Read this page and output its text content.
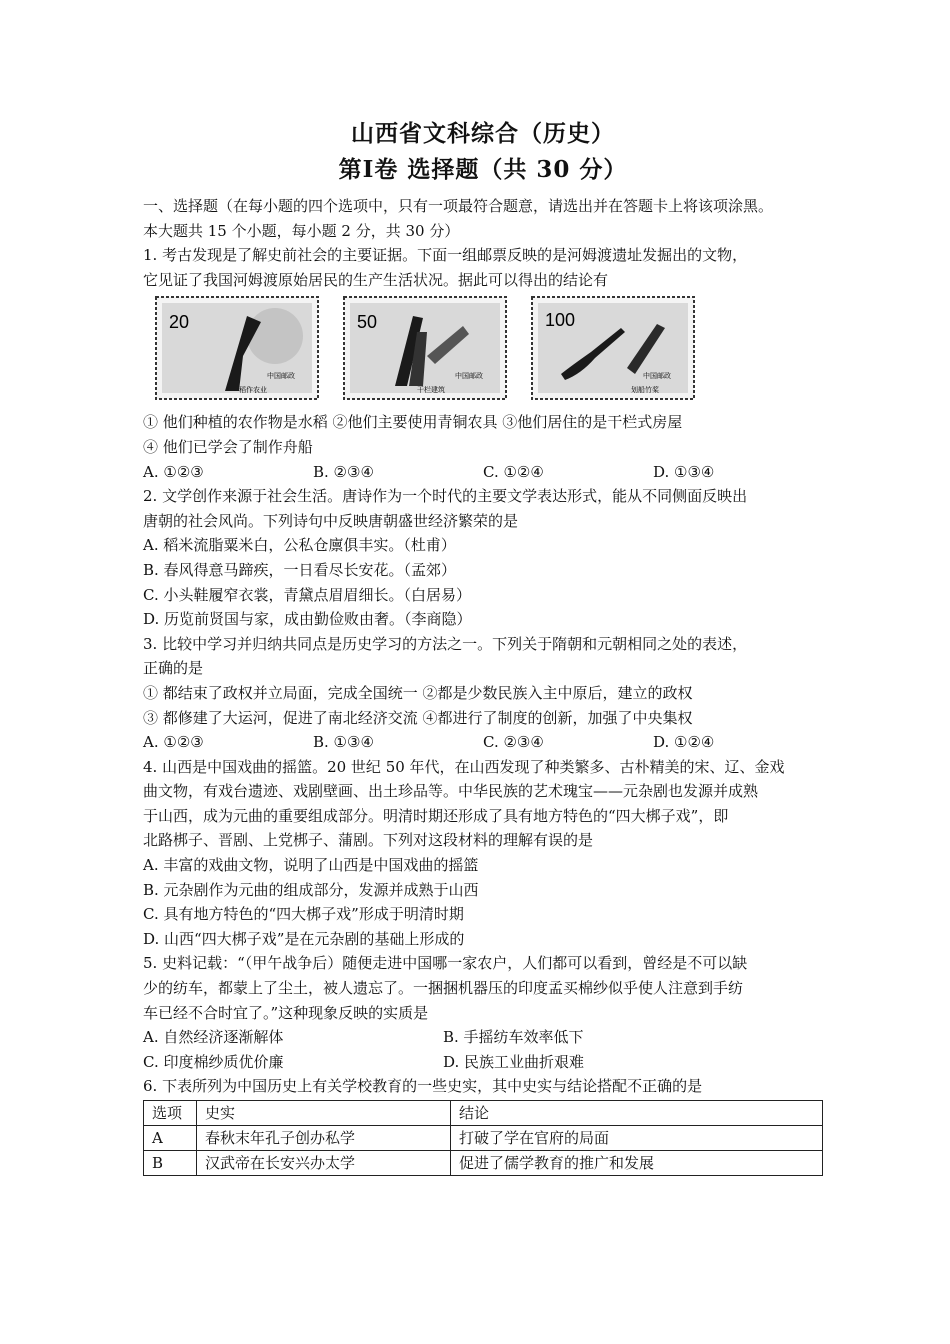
山西省文科综合（历史）
第Ⅰ卷 选择题（共 30 分）
一、选择题（在每小题的四个选项中，只有一项最符合题意，请选出并在答题卡上将该项涂黑。
本大题共 15 个小题，每小题 2 分，共 30 分）
1. 考古发现是了解史前社会的主要证据。下面一组邮票反映的是河姆渡遗址发掘出的文物，
它见证了我国河姆渡原始居民的生产生活状况。据此可以得出的结论有
20
中国邮政
稻作农业
50
中国邮政
干栏建筑
100
中国邮政
划船竹桨
① 他们种植的农作物是水稻 ②他们主要使用青铜农具 ③他们居住的是干栏式房屋
④ 他们已学会了制作舟船
A. ①②③	B. ②③④	C. ①②④	D. ①③④
2. 文学创作来源于社会生活。唐诗作为一个时代的主要文学表达形式，能从不同侧面反映出
唐朝的社会风尚。下列诗句中反映唐朝盛世经济繁荣的是
A. 稻米流脂粟米白，公私仓廪俱丰实。（杜甫）
B. 春风得意马蹄疾，一日看尽长安花。（孟郊）
C. 小头鞋履窄衣裳，青黛点眉眉细长。（白居易）
D. 历览前贤国与家，成由勤俭败由奢。（李商隐）
3. 比较中学习并归纳共同点是历史学习的方法之一。下列关于隋朝和元朝相同之处的表述，
正确的是
① 都结束了政权并立局面，完成全国统一 ②都是少数民族入主中原后，建立的政权
③ 都修建了大运河，促进了南北经济交流 ④都进行了制度的创新，加强了中央集权
A. ①②③	B. ①③④	C. ②③④	D. ①②④
4. 山西是中国戏曲的摇篮。20 世纪 50 年代，在山西发现了种类繁多、古朴精美的宋、辽、金戏
曲文物，有戏台遗迹、戏剧壁画、出土珍品等。中华民族的艺术瑰宝——元杂剧也发源并成熟
于山西，成为元曲的重要组成部分。明清时期还形成了具有地方特色的“四大梆子戏”，即
北路梆子、晋剧、上党梆子、蒲剧。下列对这段材料的理解有误的是
A. 丰富的戏曲文物，说明了山西是中国戏曲的摇篮
B. 元杂剧作为元曲的组成部分，发源并成熟于山西
C. 具有地方特色的“四大梆子戏”形成于明清时期
D. 山西“四大梆子戏”是在元杂剧的基础上形成的
5. 史料记载：“（甲午战争后）随便走进中国哪一家农户，人们都可以看到，曾经是不可以缺
少的纺车，都蒙上了尘土，被人遗忘了。一捆捆机器压的印度孟买棉纱似乎使人注意到手纺
车已经不合时宜了。”这种现象反映的实质是
A. 自然经济逐渐解体	B. 手摇纺车效率低下
C. 印度棉纱质优价廉	D. 民族工业曲折艰难
6. 下表所列为中国历史上有关学校教育的一些史实，其中史实与结论搭配不正确的是
选项	史实	结论
A	春秋末年孔子创办私学	打破了学在官府的局面
B	汉武帝在长安兴办太学	促进了儒学教育的推广和发展
